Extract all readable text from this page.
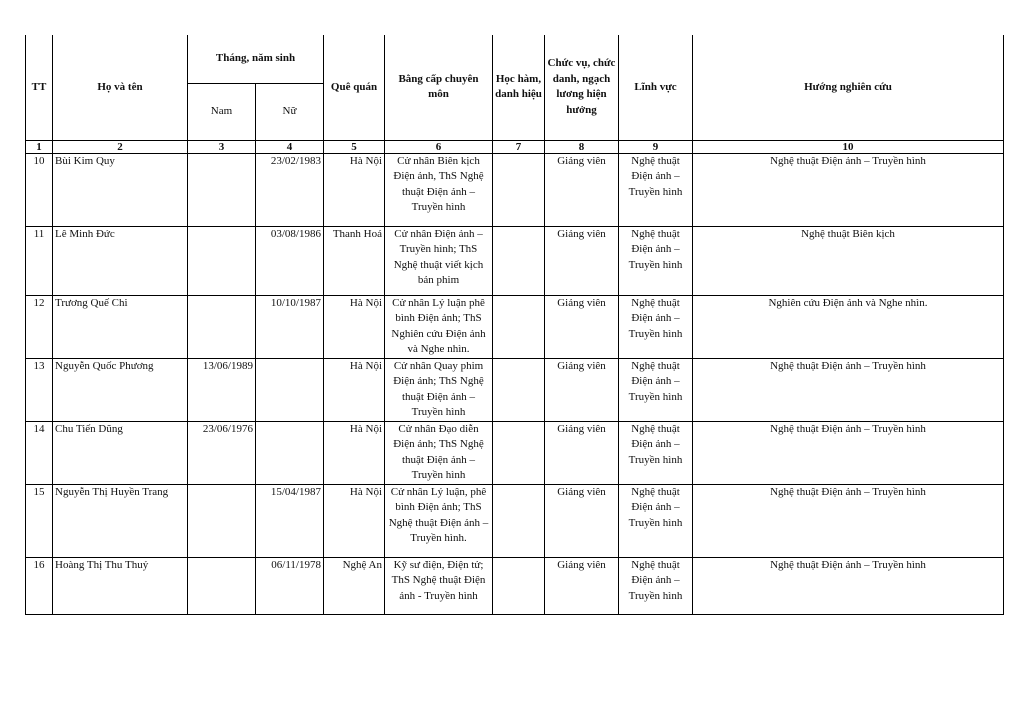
TT	Họ và tên	Tháng, năm sinh		Quê quán	Bằng cấp chuyên môn	Học hàm, danh hiệu	Chức vụ, chức danh, ngạch lương hiện hưởng	Lĩnh vực	Hướng nghiên cứu
		Nam	Nữ						
1	2	3	4	5	6	7	8	9	10
10	Bùi Kim Quy		23/02/1983	Hà Nội	Cử nhân Biên kịch Điện ảnh, ThS Nghệ thuật Điện ảnh – Truyền hình		Giảng viên	Nghệ thuật Điện ảnh – Truyền hình	Nghệ thuật Điện ảnh – Truyền hình
11	Lê Minh Đức		03/08/1986	Thanh Hoá	Cử nhân Điện ảnh – Truyền hình; ThS Nghệ thuật viết kịch bản phim		Giảng viên	Nghệ thuật Điện ảnh – Truyền hình	Nghệ thuật Biên kịch
12	Trương Quế Chi		10/10/1987	Hà Nội	Cử nhân Lý luận phê bình Điện ảnh; ThS Nghiên cứu Điện ảnh và Nghe nhìn.		Giảng viên	Nghệ thuật Điện ảnh – Truyền hình	Nghiên cứu Điện ảnh và Nghe nhìn.
13	Nguyễn Quốc Phương	13/06/1989		Hà Nội	Cử nhân Quay phim Điện ảnh; ThS Nghệ thuật Điện ảnh – Truyền hình		Giảng viên	Nghệ thuật Điện ảnh – Truyền hình	Nghệ thuật Điện ảnh – Truyền hình
14	Chu Tiến Dũng	23/06/1976		Hà Nội	Cử nhân Đạo diễn Điện ảnh; ThS Nghệ thuật Điện ảnh – Truyền hình		Giảng viên	Nghệ thuật Điện ảnh – Truyền hình	Nghệ thuật Điện ảnh – Truyền hình
15	Nguyễn Thị Huyền Trang		15/04/1987	Hà Nội	Cử nhân Lý luận, phê bình Điện ảnh; ThS Nghệ thuật Điện ảnh – Truyền hình.		Giảng viên	Nghệ thuật Điện ảnh – Truyền hình	Nghệ thuật Điện ảnh – Truyền hình
16	Hoàng Thị Thu Thuỷ		06/11/1978	Nghệ An	Kỹ sư điện, Điện tử; ThS Nghệ thuật Điện ảnh - Truyền hình		Giảng viên	Nghệ thuật Điện ảnh – Truyền hình	Nghệ thuật Điện ảnh – Truyền hình
